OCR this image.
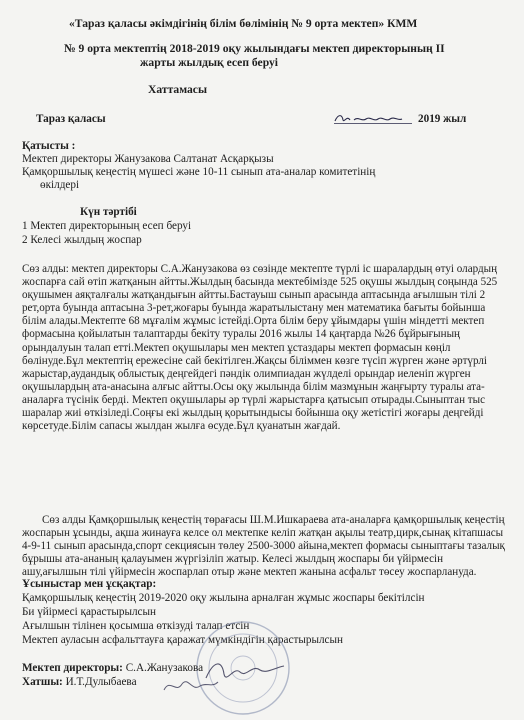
«Тараз қаласы әкімдігінің білім бөлімінің № 9 орта мектеп» КММ
№ 9 орта мектептің 2018-2019 оқу жылындағы мектеп директорының II
жарты жылдық есеп беруі
Хаттамасы
Тараз қаласы	2019 жыл
Қатысты :
Мектеп директоры Жанузакова Салтанат Асқарқызы
Қамқоршылық кеңестің мүшесі және 10-11 сынып ата-аналар комитетінің
өкілдері
Күн тәртібі
1 Мектеп директорының есеп беруі
2 Келесі жылдың жоспар
Сөз алды: мектеп директоры С.А.Жанузакова өз сөзінде мектепте түрлі іс шаралардың өтуі олардың жоспарға сай өтіп жатқанын айтты.Жылдың басында мектебімізде 525 оқушы жылдың соңында 525 оқушымен аяқталғалы жатқандығын айтты.Бастауыш сынып арасында аптасында ағылшын тілі 2 рет,орта буында аптасына 3-рет,жоғары буында жаратылыстану мен математика бағыты бойынша білім алады.Мектепте 68 мұғалім жұмыс істейді.Орта білім беру ұйымдары үшін міндетті мектеп формасына қойылатын талаптарды бекіту туралы 2016 жылы 14 қаңтарда №26 бұйрығының орындалуын талап етті.Мектеп оқушылары мен мектеп ұстаздары мектеп формасын көңіл бөлінуде.Бұл мектептің ережесіне сай бекітілген.Жақсы біліммен көзге түсіп жүрген және әртүрлі жарыстар,аудандық облыстық деңгейдегі пәндік олимпиадан жүлделі орындар иеленіп жүрген оқушылардың ата-анасына алғыс айтты.Осы оқу жылында білім мазмұнын жаңғырту туралы ата-аналарға түсінік берді. Мектеп оқушылары әр түрлі жарыстарға қатысып отырады.Сыныптан тыс шаралар жиі өткізіледі.Соңғы екі жылдың қорытындысы бойынша оқу жетістігі жоғары деңгейді көрсетуде.Білім сапасы жылдан жылға өсуде.Бұл қуанатын жағдай.
Сөз алды Қамқоршылық кеңестің төрағасы Ш.М.Ишкараева ата-аналарға қамқоршылық кеңестің жоспарын ұсынды, ақша жинауға келсе ол мектепке келіп жатқан ақылы театр,цирк,сынақ кітапшасы 4-9-11 сынып арасында,спорт секциясын төлеу 2500-3000 айына,мектеп формасы сыныптағы тазалық бұрышы ата-ананың қалауымен жүргізіліп жатыр. Келесі жылдың жоспары би үйірмесін ашу,ағылшын тілі үйірмесін жоспарлап отыр және мектеп жанына асфальт төсеу жоспарлануда.
Ұсыныстар мен ұсқақтар:
Қамқоршылық кеңестің 2019-2020 оқу жылына арналған жұмыс жоспары бекітілсін
Би үйірмесі қарастырылсын
Ағылшын тілінен қосымша өткізуді талап етсін
Мектеп ауласын асфальттауға қаражат мүмкіндігін қарастырылсын
Мектеп директоры: С.А.Жанузакова
Хатшы: И.Т.Дулыбаева
